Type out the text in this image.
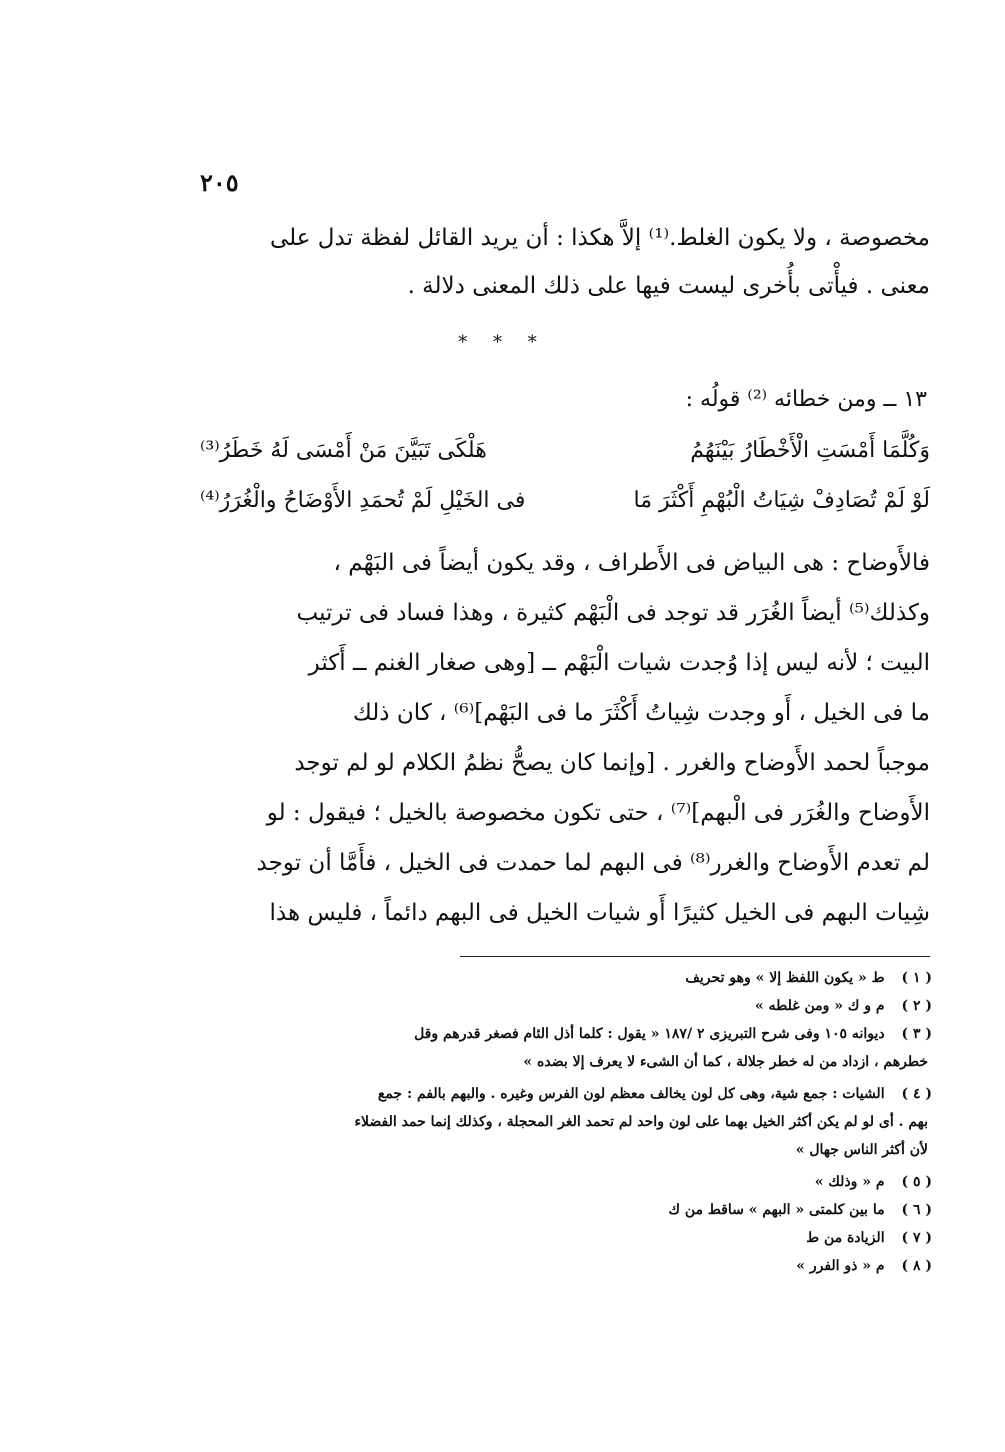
٢٠٥
مخصوصة ، ولا يكون الغلط.⁽¹⁾ إلاَّ هكذا : أن يريد القائل لفظة تدل على
معنى . فيأْتى بأُخرى ليست فيها على ذلك المعنى دلالة .
* * *
١٣ ــ ومن خطائه ⁽²⁾ قولُه :
وَكُلَّمَا أَمْسَتِ الْأَخْطَارُ بَيْنَهُمُ
هَلْكَى تَبَيَّنَ مَنْ أَمْسَى لَهُ خَطَرُ⁽³⁾
لَوْ لَمْ تُصَادِفْ شِيَاتُ الْبُهْمِ أَكْثَرَ مَا
فى الخَيْلِ لَمْ تُحمَدِ الأَوْضَاحُ والْغُرَرُ⁽⁴⁾
فالأَوضاح : هى البياض فى الأَطراف ، وقد يكون أيضاً فى البَهْم ،
وكذلك⁽⁵⁾ أيضاً الغُرَر قد توجد فى الْبَهْم كثيرة ، وهذا فساد فى ترتيب
البيت ؛ لأنه ليس إذا وُجدت شيات الْبَهْم ــ [وهى صغار الغنم ــ أَكثر
ما فى الخيل ، أَو وجدت شِياتُ أَكْثَرَ ما فى البَهْم]⁽⁶⁾ ، كان ذلك
موجباً لحمد الأَوضاح والغرر . [وإنما كان يصحُّ نظمُ الكلام لو لم توجد
الأَوضاح والغُرَر فى الْبهم]⁽⁷⁾ ، حتى تكون مخصوصة بالخيل ؛ فيقول : لو
لم تعدم الأَوضاح والغرر⁽⁸⁾ فى البهم لما حمدت فى الخيل ، فأَمَّا أن توجد
شِيات البهم فى الخيل كثيرًا أَو شيات الخيل فى البهم دائماً ، فليس هذا
( ١ ) ط « يكون اللفظ إلا » وهو تحريف
( ٢ ) م و ك « ومن غلطه »
( ٣ ) ديوانه ١٠٥ وفى شرح التبريزى ٢ /١٨٧ « يقول : كلما أذل الئام فصغر قدرهم وقل
خطرهم ، ازداد من له خطر جلالة ، كما أن الشىء لا يعرف إلا بضده »
( ٤ ) الشيات : جمع شية، وهى كل لون يخالف معظم لون الفرس وغيره . والبهم بالفم : جمع
بهم . أى لو لم يكن أكثر الخيل بهما على لون واحد لم تحمد الغر المحجلة ، وكذلك إنما حمد الفضلاء
لأن أكثر الناس جهال »
( ٥ ) م « وذلك »
( ٦ ) ما بين كلمتى « البهم » ساقط من ك
( ٧ ) الزيادة من ط
( ٨ ) م « ذو الفرر »
